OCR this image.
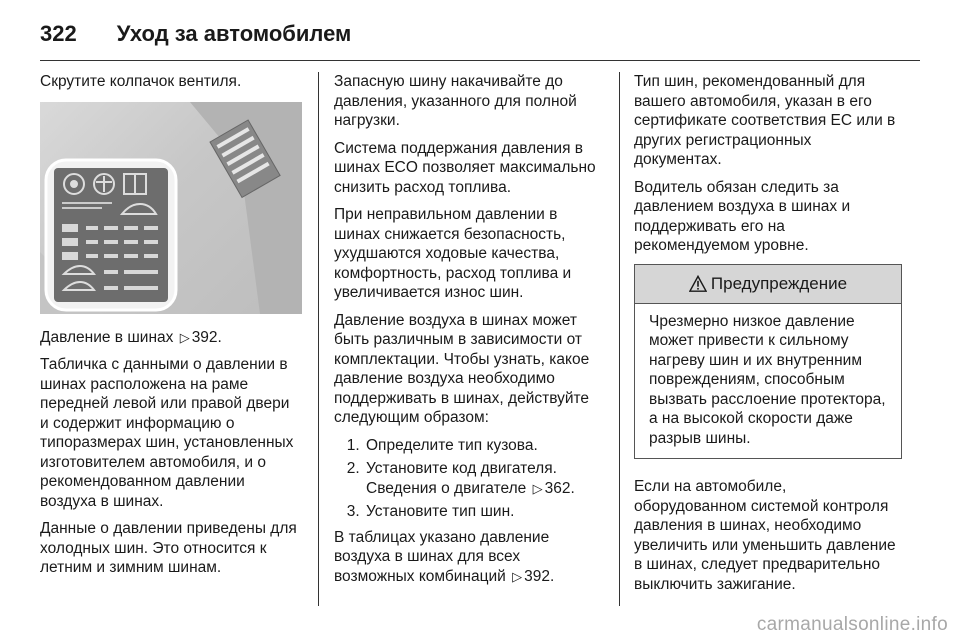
322 Уход за автомобилем

Скрутите колпачок вентиля.

Давление в шинах ▷ 392.

Табличка с данными о давлении в шинах расположена на раме передней левой или правой двери и содержит информацию о типоразмерах шин, установленных изготовителем автомобиля, и о рекомендованном давлении воздуха в шинах.

Данные о давлении приведены для холодных шин. Это относится к летним и зимним шинам.

Запасную шину накачивайте до давления, указанного для полной нагрузки.

Система поддержания давления в шинах ECO позволяет максимально снизить расход топлива.

При неправильном давлении в шинах снижается безопасность, ухудшаются ходовые качества, комфортность, расход топлива и увеличивается износ шин.

Давление воздуха в шинах может быть различным в зависимости от комплектации. Чтобы узнать, какое давление воздуха необходимо поддерживать в шинах, действуйте следующим образом:

1. Определите тип кузова.
2. Установите код двигателя. Сведения о двигателе ▷ 362.
3. Установите тип шин.

В таблицах указано давление воздуха в шинах для всех возможных комбинаций ▷ 392.

Тип шин, рекомендованный для вашего автомобиля, указан в его сертификате соответствия ЕС или в других регистрационных документах.

Водитель обязан следить за давлением воздуха в шинах и поддерживать его на рекомендуемом уровне.

Предупреждение
Чрезмерно низкое давление может привести к сильному нагреву шин и их внутренним повреждениям, способным вызвать расслоение протектора, а на высокой скорости даже разрыв шины.

Если на автомобиле, оборудованном системой контроля давления в шинах, необходимо увеличить или уменьшить давление в шинах, следует предварительно выключить зажигание.

carmanualsonline.info
